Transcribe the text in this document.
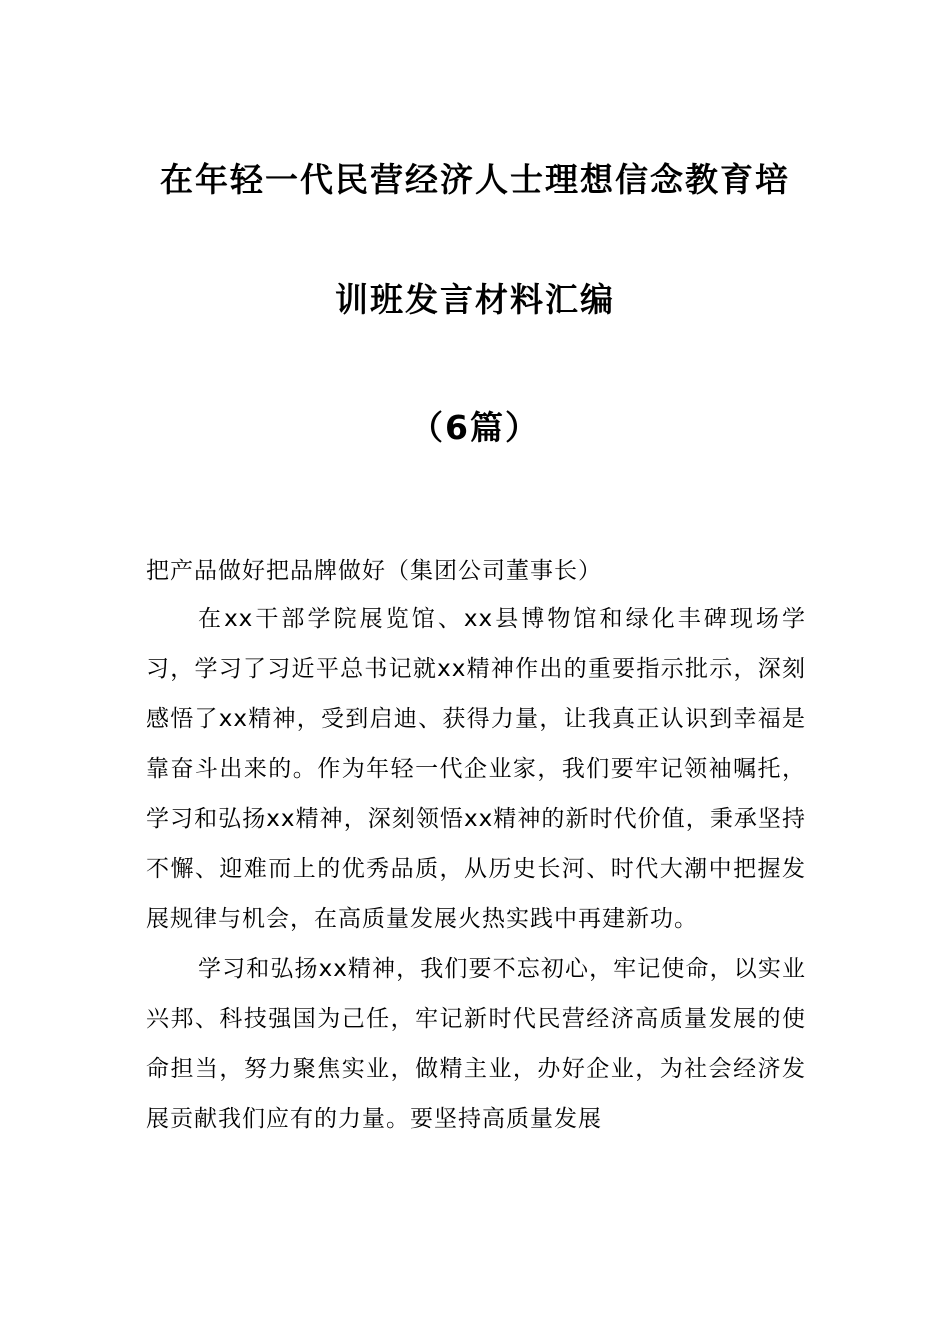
在年轻一代民营经济人士理想信念教育培
训班发言材料汇编
（6篇）
把产品做好把品牌做好（集团公司董事长）

在xx干部学院展览馆、xx县博物馆和绿化丰碑现场学习，学习了习近平总书记就xx精神作出的重要指示批示，深刻感悟了xx精神，受到启迪、获得力量，让我真正认识到幸福是靠奋斗出来的。作为年轻一代企业家，我们要牢记领袖嘱托，学习和弘扬xx精神，深刻领悟xx精神的新时代价值，秉承坚持不懈、迎难而上的优秀品质，从历史长河、时代大潮中把握发展规律与机会，在高质量发展火热实践中再建新功。

学习和弘扬xx精神，我们要不忘初心，牢记使命，以实业兴邦、科技强国为己任，牢记新时代民营经济高质量发展的使命担当，努力聚焦实业，做精主业，办好企业，为社会经济发展贡献我们应有的力量。要坚持高质量发展
